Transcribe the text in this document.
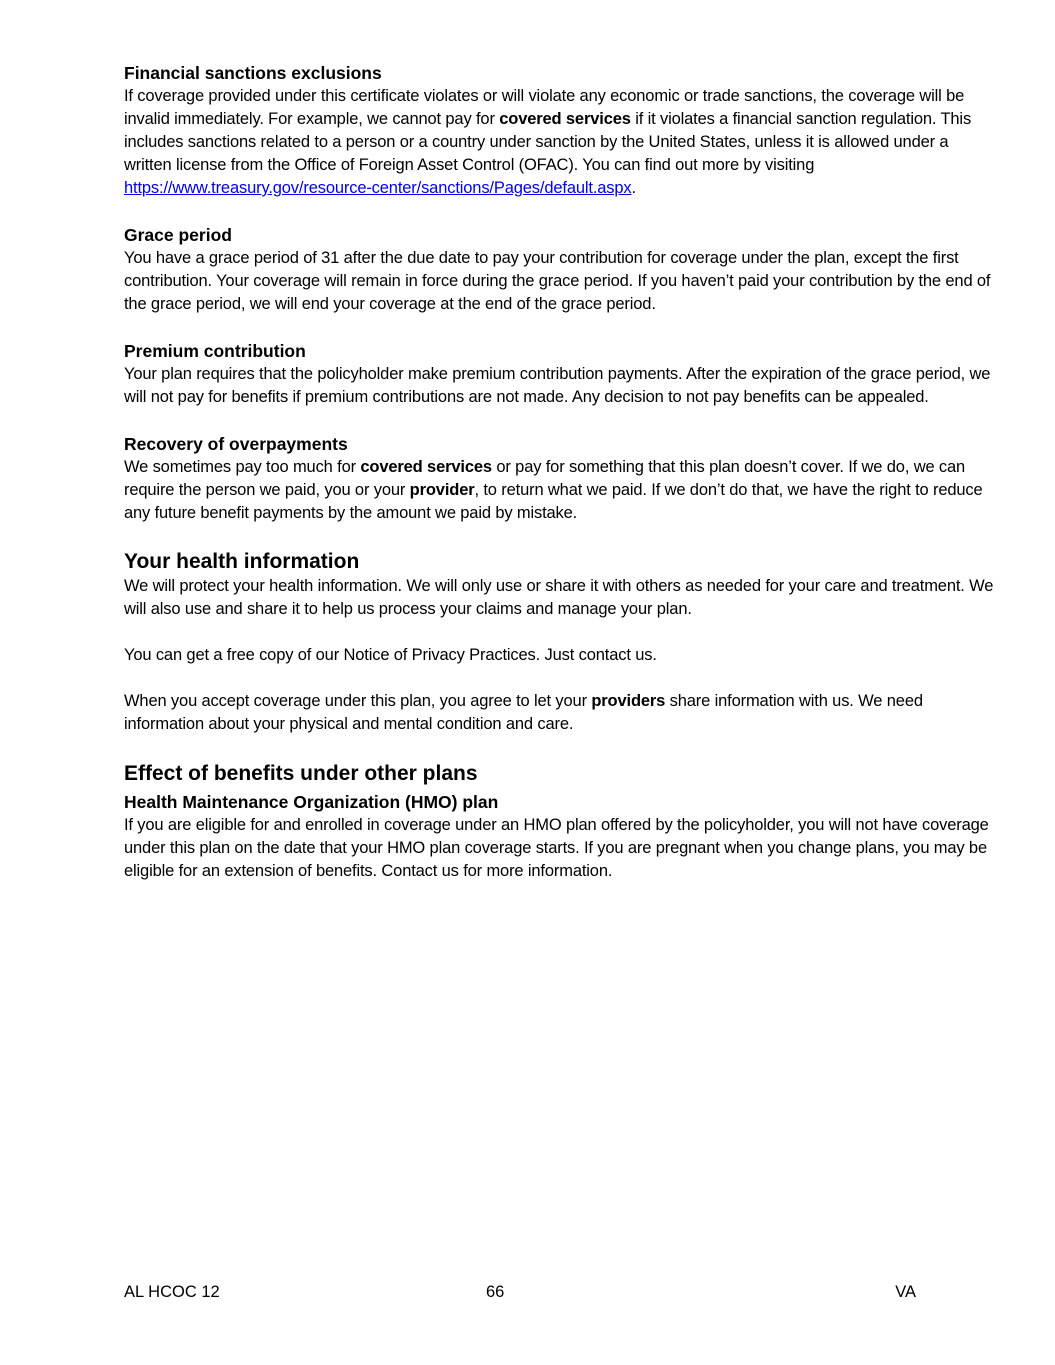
Financial sanctions exclusions

If coverage provided under this certificate violates or will violate any economic or trade sanctions, the coverage will be invalid immediately. For example, we cannot pay for covered services if it violates a financial sanction regulation. This includes sanctions related to a person or a country under sanction by the United States, unless it is allowed under a written license from the Office of Foreign Asset Control (OFAC). You can find out more by visiting https://www.treasury.gov/resource-center/sanctions/Pages/default.aspx.

Grace period

You have a grace period of 31 after the due date to pay your contribution for coverage under the plan, except the first contribution. Your coverage will remain in force during the grace period. If you haven’t paid your contribution by the end of the grace period, we will end your coverage at the end of the grace period.

Premium contribution

Your plan requires that the policyholder make premium contribution payments. After the expiration of the grace period, we will not pay for benefits if premium contributions are not made. Any decision to not pay benefits can be appealed.

Recovery of overpayments

We sometimes pay too much for covered services or pay for something that this plan doesn’t cover. If we do, we can require the person we paid, you or your provider, to return what we paid. If we don’t do that, we have the right to reduce any future benefit payments by the amount we paid by mistake.

Your health information

We will protect your health information. We will only use or share it with others as needed for your care and treatment. We will also use and share it to help us process your claims and manage your plan.

You can get a free copy of our Notice of Privacy Practices. Just contact us.

When you accept coverage under this plan, you agree to let your providers share information with us. We need information about your physical and mental condition and care.

Effect of benefits under other plans
Health Maintenance Organization (HMO) plan

If you are eligible for and enrolled in coverage under an HMO plan offered by the policyholder, you will not have coverage under this plan on the date that your HMO plan coverage starts. If you are pregnant when you change plans, you may be eligible for an extension of benefits. Contact us for more information.

AL HCOC 12	66	VA
